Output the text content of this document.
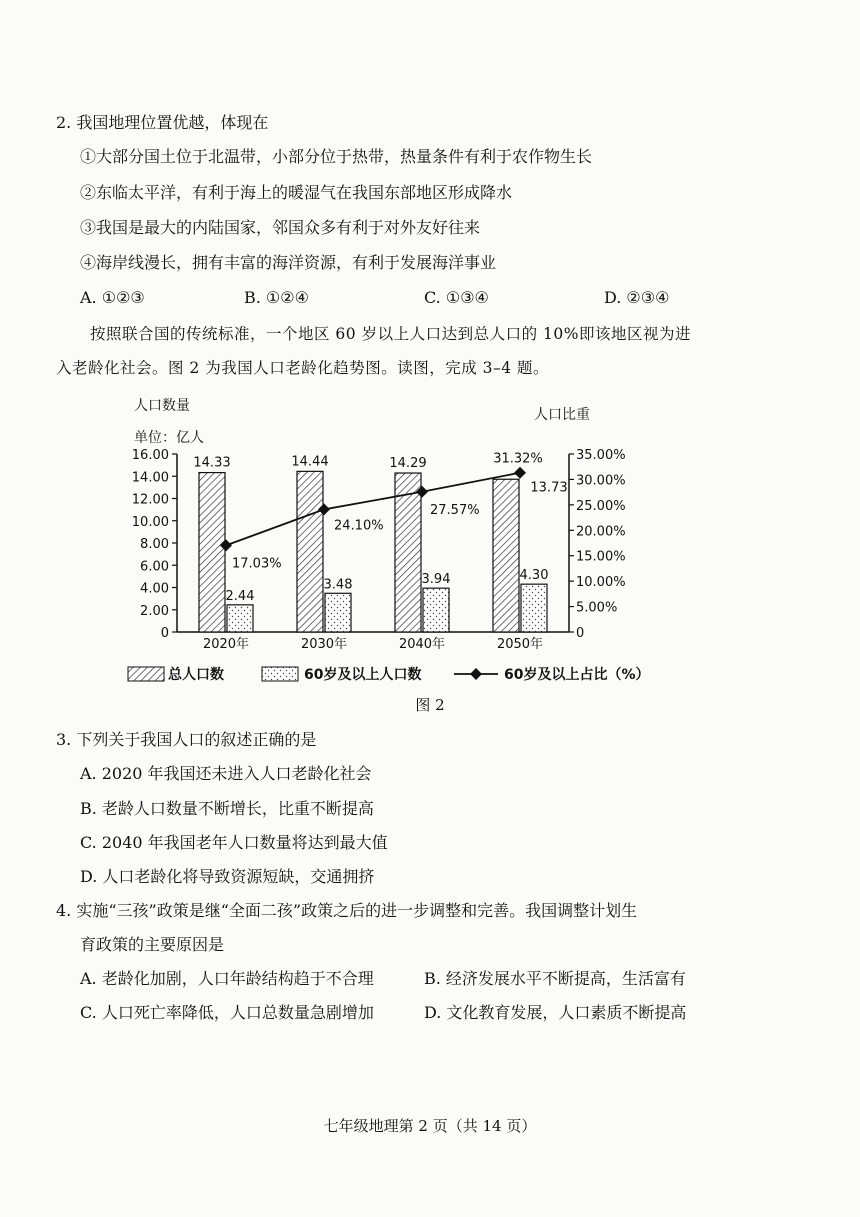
2. 我国地理位置优越，体现在
①大部分国土位于北温带，小部分位于热带，热量条件有利于农作物生长
②东临太平洋，有利于海上的暖湿气在我国东部地区形成降水
③我国是最大的内陆国家，邻国众多有利于对外友好往来
④海岸线漫长，拥有丰富的海洋资源，有利于发展海洋事业
A. ①②③	B. ①②④	C. ①③④	D. ②③④
按照联合国的传统标准，一个地区 60 岁以上人口达到总人口的 10%即该地区视为进
入老龄化社会。图 2 为我国人口老龄化趋势图。读图，完成 3–4 题。
人口数量
单位：亿人
人口比重
16.00
14.00
12.00
10.00
8.00
6.00
4.00
2.00
0
35.00%
30.00%
25.00%
20.00%
15.00%
10.00%
5.00%
0
2020年	2030年	2040年	2050年
14.33
2.44
14.44
3.48
14.29
3.94
13.73
4.30
17.03%
24.10%
27.57%
31.32%
总人口数	60岁及以上人口数	60岁及以上占比（%）
图 2
3. 下列关于我国人口的叙述正确的是
A. 2020 年我国还未进入人口老龄化社会
B. 老龄人口数量不断增长，比重不断提高
C. 2040 年我国老年人口数量将达到最大值
D. 人口老龄化将导致资源短缺，交通拥挤
4. 实施“三孩”政策是继“全面二孩”政策之后的进一步调整和完善。我国调整计划生
育政策的主要原因是
A. 老龄化加剧，人口年龄结构趋于不合理	B. 经济发展水平不断提高，生活富有
C. 人口死亡率降低，人口总数量急剧增加	D. 文化教育发展，人口素质不断提高
七年级地理第 2 页（共 14 页）
